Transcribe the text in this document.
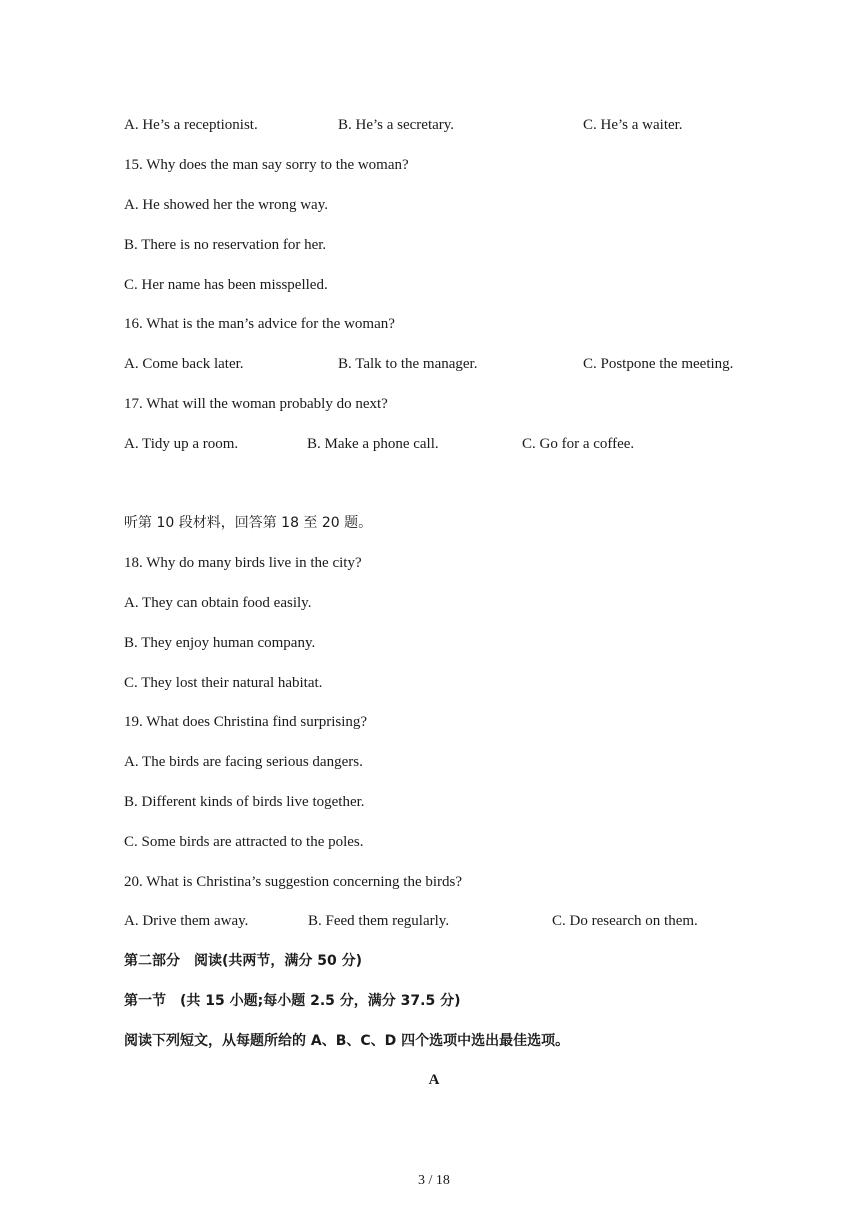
A. He’s a receptionist.	B. He’s a secretary.	C. He’s a waiter.
15. Why does the man say sorry to the woman?
A. He showed her the wrong way.
B. There is no reservation for her.
C. Her name has been misspelled.
16. What is the man’s advice for the woman?
A. Come back later.	B. Talk to the manager.	C. Postpone the meeting.
17. What will the woman probably do next?
A. Tidy up a room.	B. Make a phone call.	C. Go for a coffee.
听第 10 段材料，回答第 18 至 20 题。
18. Why do many birds live in the city?
A. They can obtain food easily.
B. They enjoy human company.
C. They lost their natural habitat.
19. What does Christina find surprising?
A. The birds are facing serious dangers.
B. Different kinds of birds live together.
C. Some birds are attracted to the poles.
20. What is Christina’s suggestion concerning the birds?
A. Drive them away.	B. Feed them regularly.	C. Do research on them.
第二部分　阅读(共两节，满分 50 分)
第一节　(共 15 小题;每小题 2.5 分，满分 37.5 分)
阅读下列短文，从每题所给的 A、B、C、D 四个选项中选出最佳选项。
A
3 / 18
